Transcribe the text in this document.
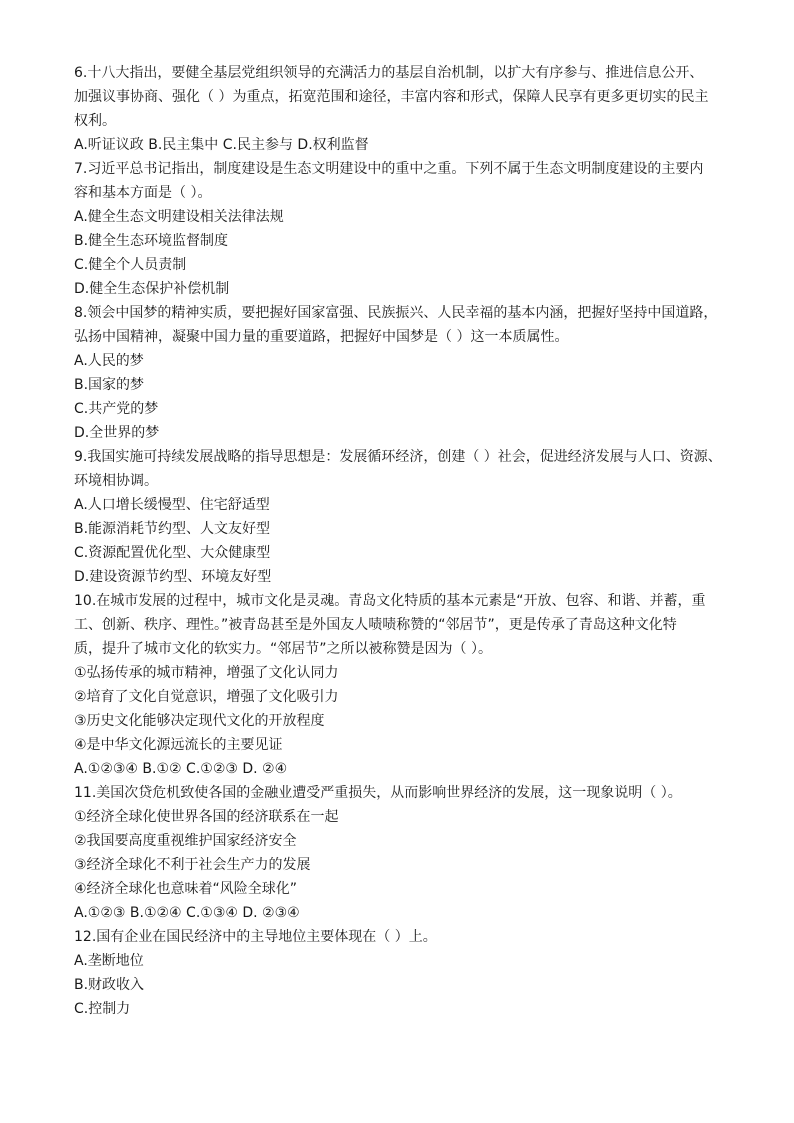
6.十八大指出，要健全基层党组织领导的充满活力的基层自治机制，以扩大有序参与、推进信息公开、
加强议事协商、强化（ ）为重点，拓宽范围和途径，丰富内容和形式，保障人民享有更多更切实的民主
权利。
A.听证议政 B.民主集中 C.民主参与 D.权利监督
7.习近平总书记指出，制度建设是生态文明建设中的重中之重。下列不属于生态文明制度建设的主要内
容和基本方面是（ ）。
A.健全生态文明建设相关法律法规
B.健全生态环境监督制度
C.健全个人员责制
D.健全生态保护补偿机制
8.领会中国梦的精神实质，要把握好国家富强、民族振兴、人民幸福的基本内涵，把握好坚持中国道路，
弘扬中国精神，凝聚中国力量的重要道路，把握好中国梦是（ ）这一本质属性。
A.人民的梦
B.国家的梦
C.共产党的梦
D.全世界的梦
9.我国实施可持续发展战略的指导思想是：发展循环经济，创建（ ）社会，促进经济发展与人口、资源、
环境相协调。
A.人口增长缓慢型、住宅舒适型
B.能源消耗节约型、人文友好型
C.资源配置优化型、大众健康型
D.建设资源节约型、环境友好型
10.在城市发展的过程中，城市文化是灵魂。青岛文化特质的基本元素是“开放、包容、和谐、并蓄，重
工、创新、秩序、理性。”被青岛甚至是外国友人啧啧称赞的“邻居节”，更是传承了青岛这种文化特
质，提升了城市文化的软实力。“邻居节”之所以被称赞是因为（ ）。
①弘扬传承的城市精神，增强了文化认同力
②培育了文化自觉意识，增强了文化吸引力
③历史文化能够决定现代文化的开放程度
④是中华文化源远流长的主要见证
A.①②③④ B.①② C.①②③ D. ②④
11.美国次贷危机致使各国的金融业遭受严重损失，从而影响世界经济的发展，这一现象说明（ ）。
①经济全球化使世界各国的经济联系在一起
②我国要高度重视维护国家经济安全
③经济全球化不利于社会生产力的发展
④经济全球化也意味着“风险全球化”
A.①②③ B.①②④ C.①③④ D. ②③④
12.国有企业在国民经济中的主导地位主要体现在（ ）上。
A.垄断地位
B.财政收入
C.控制力
